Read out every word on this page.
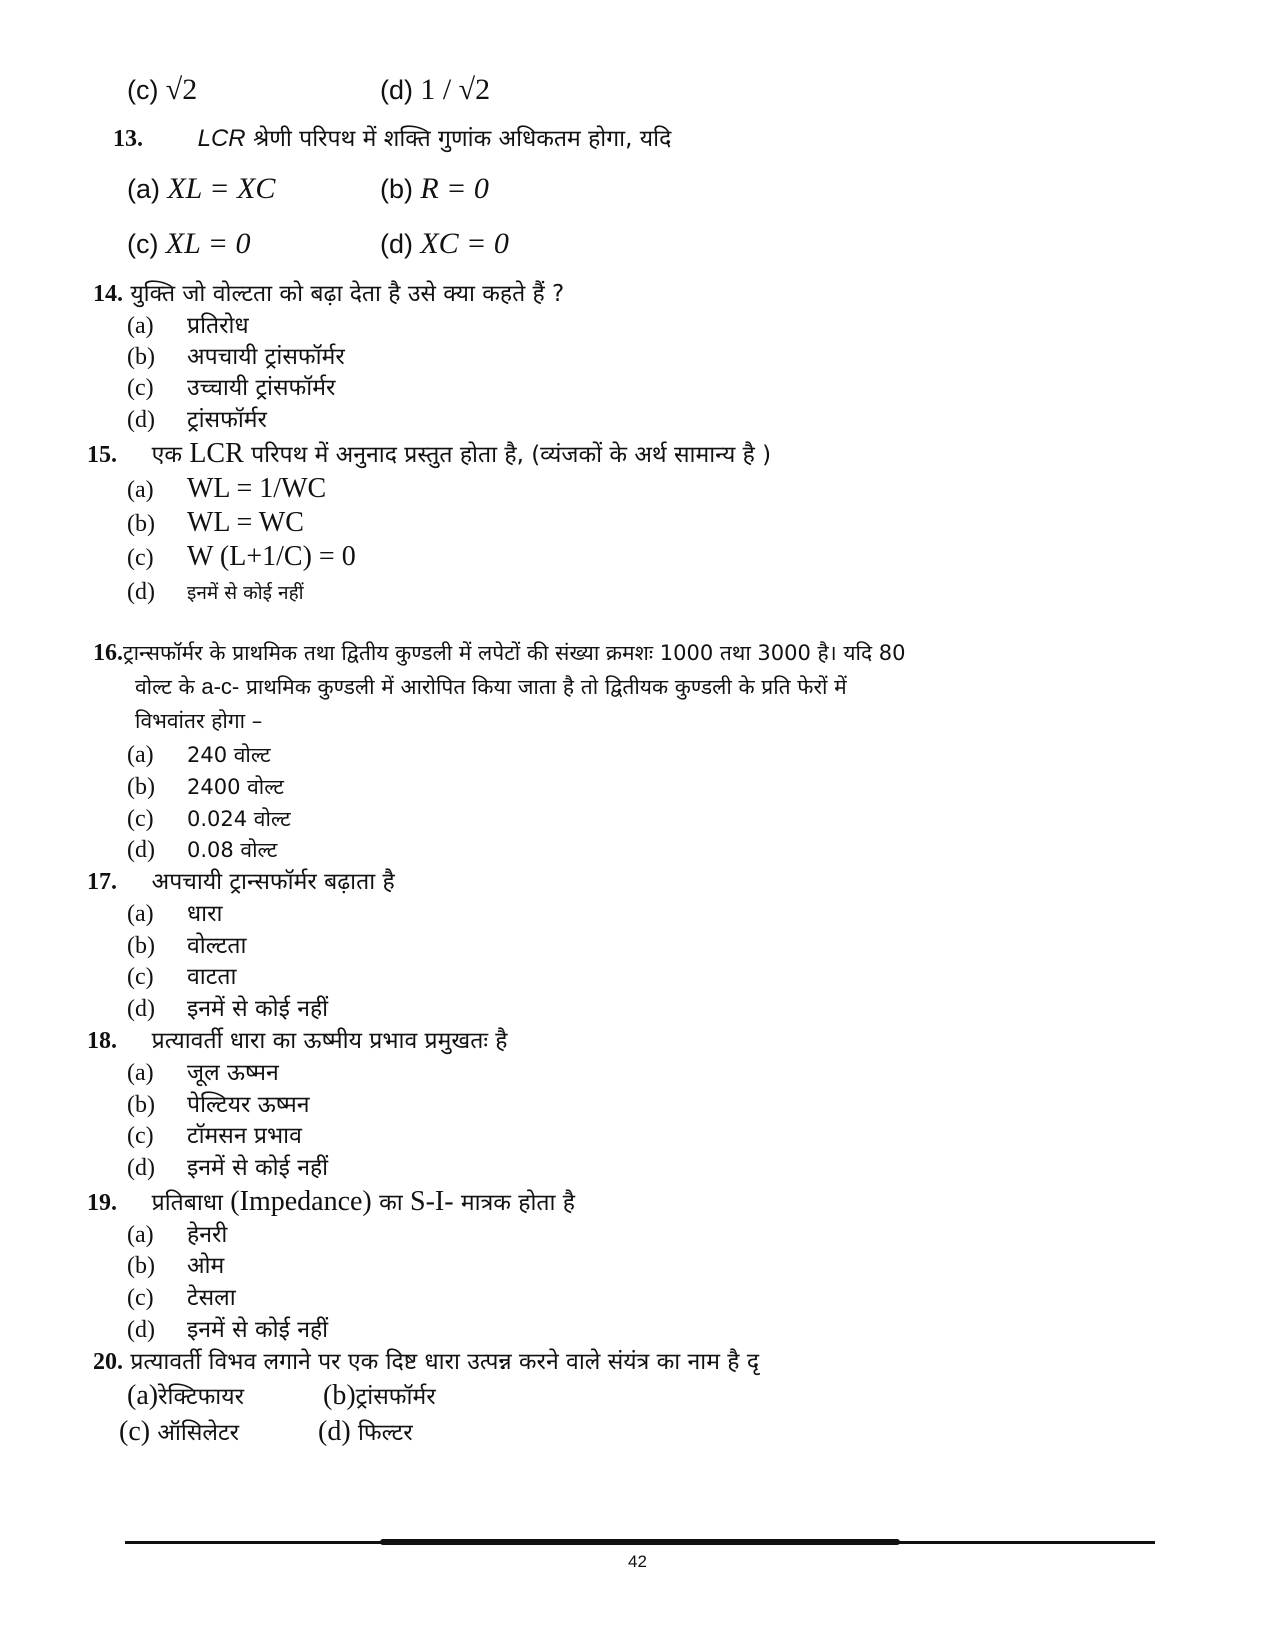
(c) √2	(d) 1 / √2
13. LCR श्रेणी परिपथ में शक्ति गुणांक अधिकतम होगा, यदि
(a) XL = XC	(b) R = 0
(c) XL = 0	(d) XC = 0
14. युक्ति जो वोल्टता को बढ़ा देता है उसे क्या कहते हैं ?
(a) प्रतिरोध
(b) अपचायी ट्रांसफॉर्मर
(c) उच्चायी ट्रांसफॉर्मर
(d) ट्रांसफॉर्मर
15. एक LCR परिपथ में अनुनाद प्रस्तुत होता है, (व्यंजकों के अर्थ सामान्य है )
(a) WL = 1/WC
(b) WL = WC
(c) W (L+1/C) = 0
(d) इनमें से कोई नहीं
16.ट्रान्सफॉर्मर के प्राथमिक तथा द्वितीय कुण्डली में लपेटों की संख्या क्रमशः 1000 तथा 3000 है। यदि 80
वोल्ट के a-c- प्राथमिक कुण्डली में आरोपित किया जाता है तो द्वितीयक कुण्डली के प्रति फेरों में
विभवांतर होगा –
(a) 240 वोल्ट
(b) 2400 वोल्ट
(c) 0.024 वोल्ट
(d) 0.08 वोल्ट
17. अपचायी ट्रान्सफॉर्मर बढ़ाता है
(a) धारा
(b) वोल्टता
(c) वाटता
(d) इनमें से कोई नहीं
18. प्रत्यावर्ती धारा का ऊष्मीय प्रभाव प्रमुखतः है
(a) जूल ऊष्मन
(b) पेल्टियर ऊष्मन
(c) टॉमसन प्रभाव
(d) इनमें से कोई नहीं
19. प्रतिबाधा (Impedance) का S-I- मात्रक होता है
(a) हेनरी
(b) ओम
(c) टेसला
(d) इनमें से कोई नहीं
20. प्रत्यावर्ती विभव लगाने पर एक दिष्ट धारा उत्पन्न करने वाले संयंत्र का नाम है दृ
(a)रेक्टिफायर	(b)ट्रांसफॉर्मर
(c) ऑसिलेटर	(d) फिल्टर
42
